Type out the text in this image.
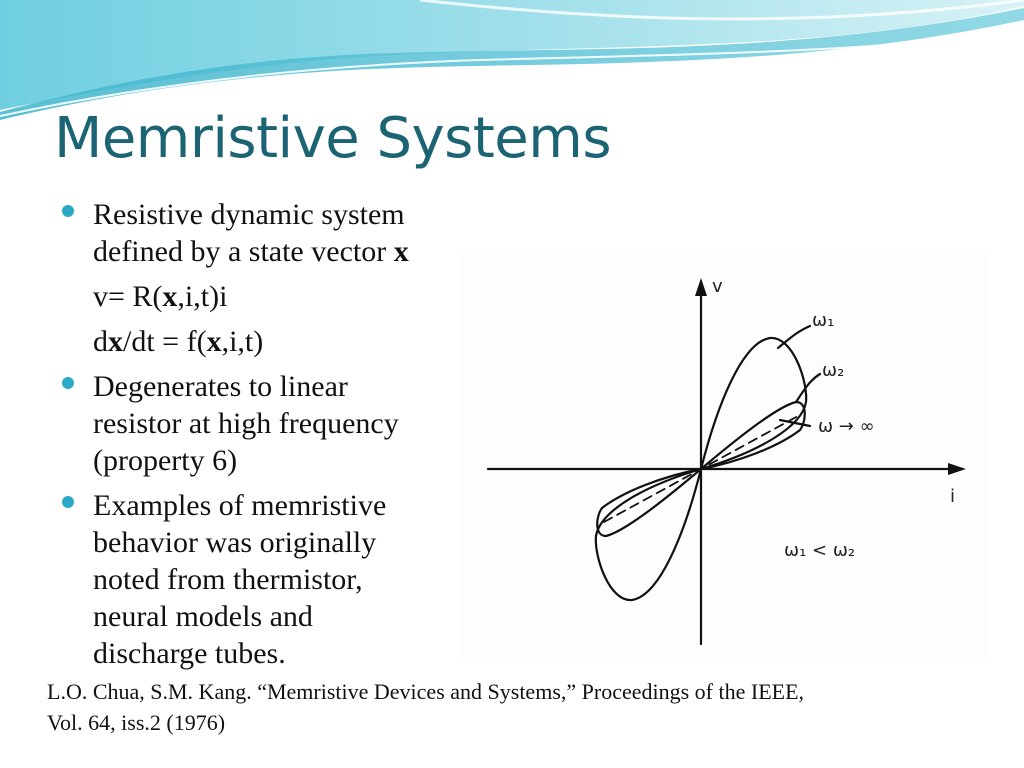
Memristive Systems
Resistive dynamic system
defined by a state vector x
v= R(x,i,t)i
dx/dt = f(x,i,t)
Degenerates to linear
resistor at high frequency
(property 6)
Examples of memristive
behavior was originally
noted from thermistor,
neural models and
discharge tubes.
v
i
ω₁
ω₂
ω → ∞
ω₁ < ω₂
L.O. Chua, S.M. Kang. “Memristive Devices and Systems,” Proceedings of the IEEE,
Vol. 64, iss.2 (1976)
